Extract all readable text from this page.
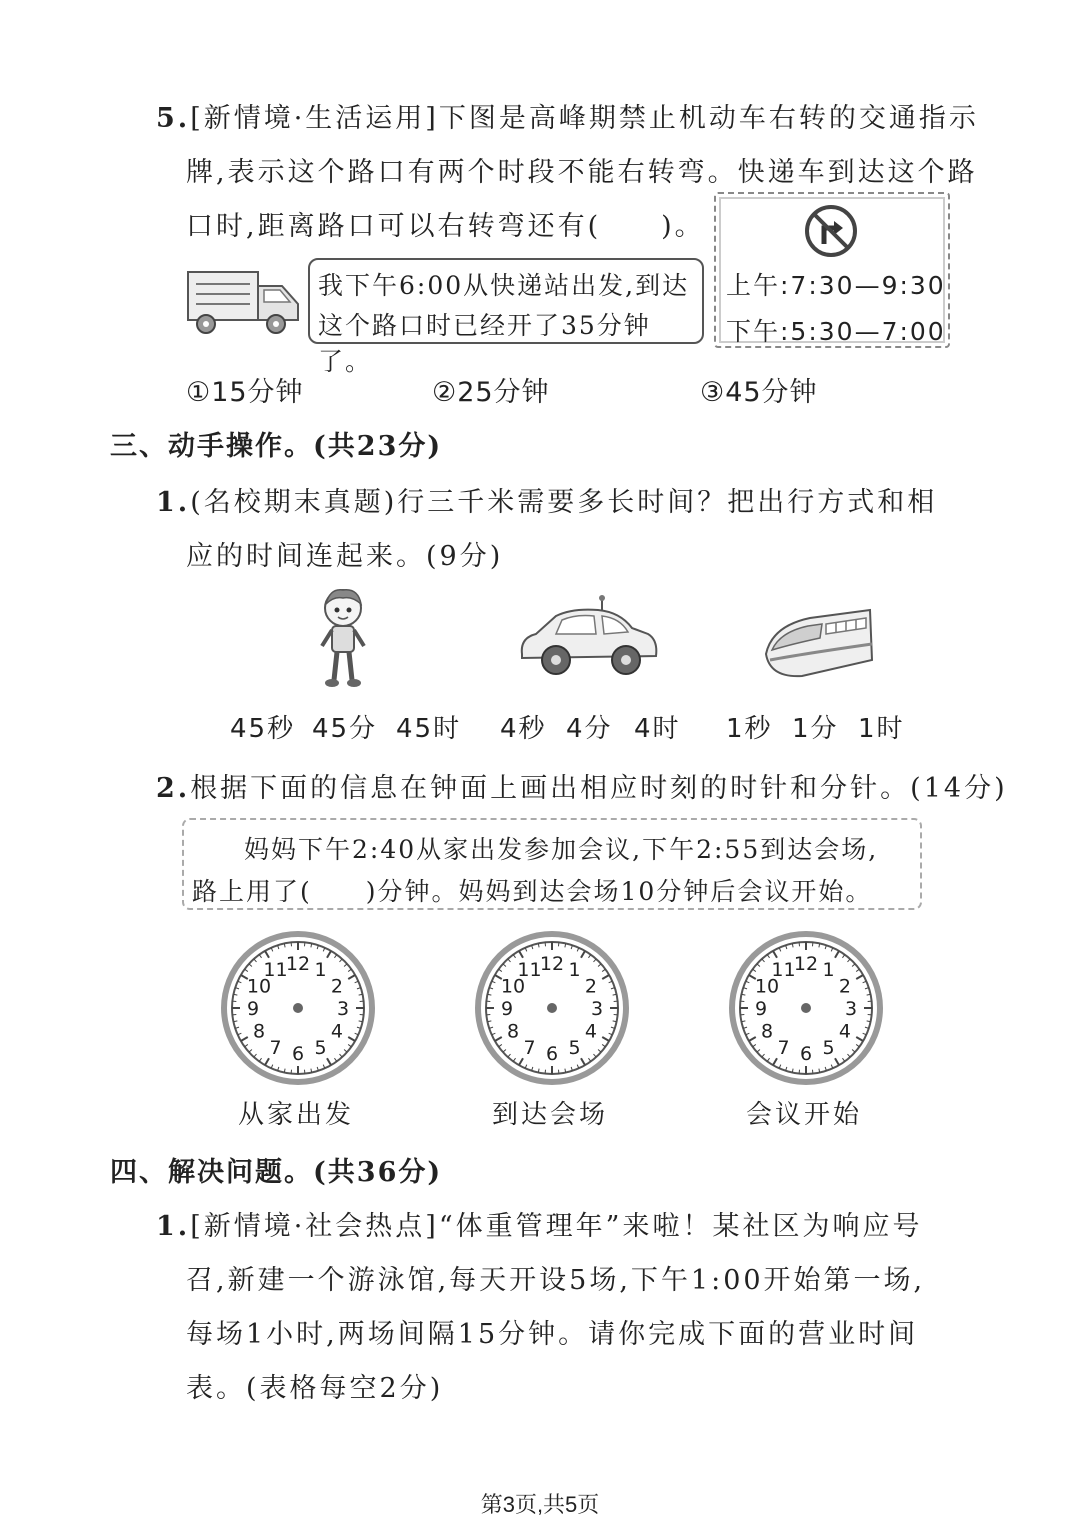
5.[新情境·生活运用]下图是高峰期禁止机动车右转的交通指示
牌,表示这个路口有两个时段不能右转弯。快递车到达这个路
口时,距离路口可以右转弯还有(　　)。
我下午6:00从快递站出发,到达
这个路口时已经开了35分钟了。
上午:7:30—9:30
下午:5:30—7:00
①15分钟	②25分钟	③45分钟
三、动手操作。(共23分)
1.(名校期末真题)行三千米需要多长时间？把出行方式和相
应的时间连起来。(9分)
45秒 45分 45时 4秒 4分 4时 1秒 1分 1时
2.根据下面的信息在钟面上画出相应时刻的时针和分针。(14分)
妈妈下午2:40从家出发参加会议,下午2:55到达会场,
路上用了(　　)分钟。妈妈到达会场10分钟后会议开始。
1
2
3
4
5
6
7
8
9
10
11
12	1
2
3
4
5
6
7
8
9
10
11
12	1
2
3
4
5
6
7
8
9
10
11
12
从家出发	到达会场	会议开始
四、解决问题。(共36分)
1.[新情境·社会热点]“体重管理年”来啦！某社区为响应号
召,新建一个游泳馆,每天开设5场,下午1:00开始第一场,
每场1小时,两场间隔15分钟。请你完成下面的营业时间
表。(表格每空2分)
第3页,共5页
